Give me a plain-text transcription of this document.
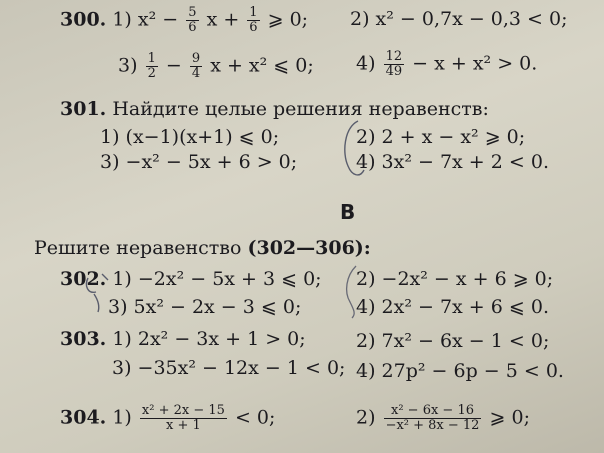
300. 1) $x^2 - \frac{5}{6}$ $x + \frac{1}{6}$ ⩾ 0; 2) x² − 0,7x − 0,3 < 0;
$3) \frac{1}{2} - \frac{9}{4}$ x + x² ⩽ 0; $4) \frac{12}{49} - x + x^2 > 0$.
301. Найдите целые решения неравенств:
1) (x−1)(x+1) ⩽ 0;	2) 2 + x − x² ⩾ 0;
3) −x² − 5x + 6 > 0;	4) 3x² − 7x + 2 < 0.
B
Решите неравенство (302—306):
302. 1) −2x² − 5x + 3 ⩽ 0; 2) −2x² − x + 6 ⩾ 0;
3) 5x² − 2x − 3 ⩽ 0;	4) 2x² − 7x + 6 ⩽ 0.
303. 1) 2x² − 3x + 1 > 0;	2) 7x² − 6x − 1 < 0;
3) −35x² − 12x − 1 < 0; 4) 27p² − 6p − 5 < 0.
304. $1) \frac{\text{x² + 2x − 15}}{x + 1} < 0$;	$2) \frac{\text{x² − 6x − 16}}{\text{−x² + 8x − 12}}$ ⩾ 0;
